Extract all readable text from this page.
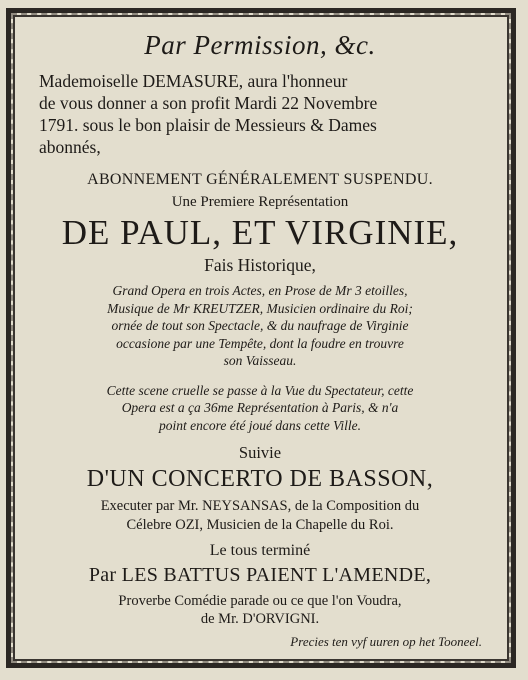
Par Permission, &c.
Mademoiselle DEMASURE, aura l'honneur
de vous donner a son profit Mardi 22 Novembre
1791. sous le bon plaisir de Messieurs & Dames
abonnés,
ABONNEMENT GÉNÉRALEMENT SUSPENDU.
Une Premiere Représentation
DE PAUL, ET VIRGINIE,
Fais Historique,
Grand Opera en trois Actes, en Prose de Mr 3 etoilles,
Musique de Mr KREUTZER, Musicien ordinaire du Roi;
ornée de tout son Spectacle, & du naufrage de Virginie
occasione par une Tempête, dont la foudre en trouvre
son Vaisseau.
Cette scene cruelle se passe à la Vue du Spectateur, cette
Opera est a ça 36me Représentation à Paris, & n'a
point encore été joué dans cette Ville.
Suivie
D'UN CONCERTO DE BASSON,
Executer par Mr. NEYSANSAS, de la Composition du
Célebre OZI, Musicien de la Chapelle du Roi.
Le tous terminé
Par LES BATTUS PAIENT L'AMENDE,
Proverbe Comédie parade ou ce que l'on Voudra,
de Mr. D'ORVIGNI.
Precies ten vyf uuren op het Tooneel.
